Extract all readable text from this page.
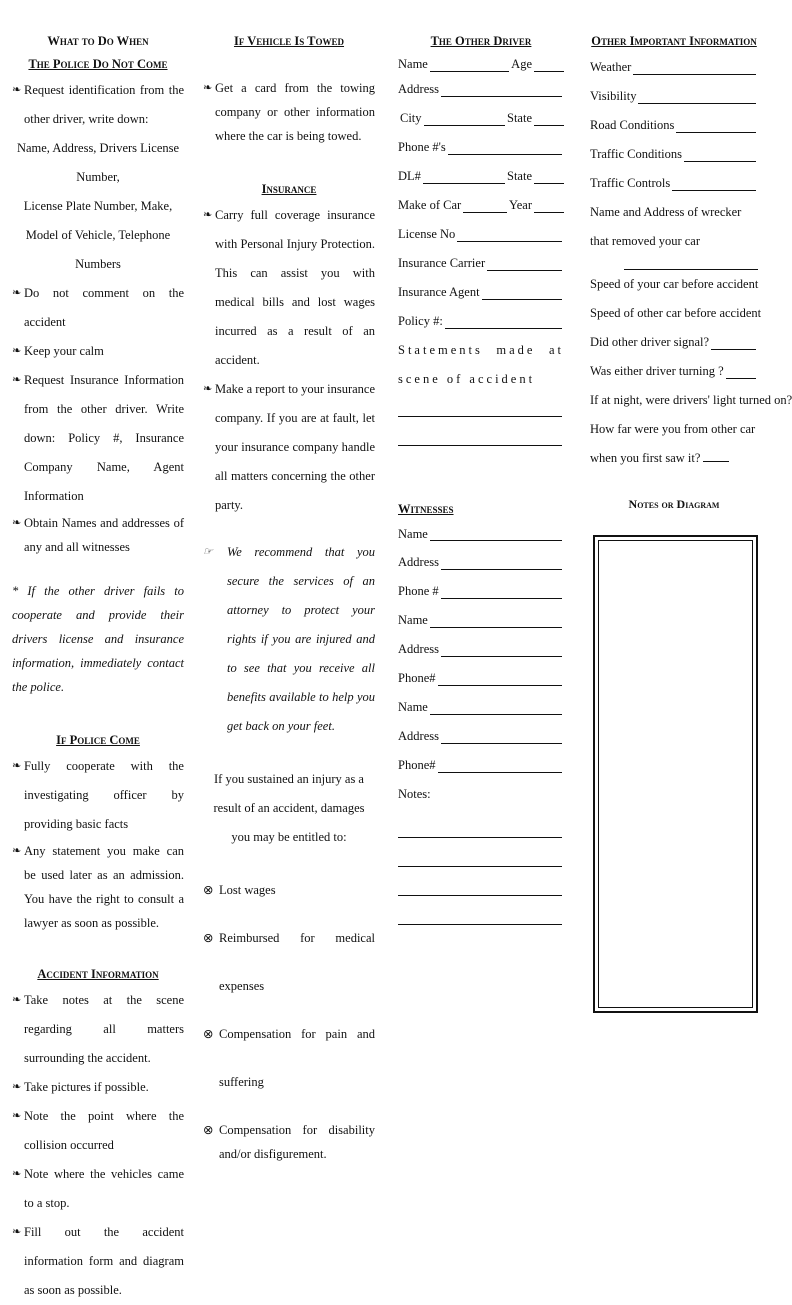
What to Do When
The Police Do Not Come
❧ Request identification from the other driver, write down:
Name, Address, Drivers License Number,
License Plate Number, Make,
Model of Vehicle, Telephone Numbers
❧ Do not comment on the accident
❧ Keep your calm
❧ Request Insurance Information from the other driver. Write down: Policy #, Insurance Company Name, Agent Information
❧ Obtain Names and addresses of any and all witnesses
* If the other driver fails to cooperate and provide their drivers license and insurance information, immediately contact the police.
If Police Come
❧ Fully cooperate with the investigating officer by providing basic facts
❧ Any statement you make can be used later as an admission. You have the right to consult a lawyer as soon as possible.
Accident Information
❧ Take notes at the scene regarding all matters surrounding the accident.
❧ Take pictures if possible.
❧ Note the point where the collision occurred
❧ Note where the vehicles came to a stop.
❧ Fill out the accident information form and diagram as soon as possible.
If Vehicle Is Towed
❧ Get a card from the towing company or other information where the car is being towed.
Insurance
❧ Carry full coverage insurance with Personal Injury Protection. This can assist you with medical bills and lost wages incurred as a result of an accident.
❧ Make a report to your insurance company. If you are at fault, let your insurance company handle all matters concerning the other party.
☞	We recommend that you secure the services of an attorney to protect your rights if you are injured and to see that you receive all benefits available to help you get back on your feet.
If you sustained an injury as a result of an accident, damages you may be entitled to:
⊗ Lost wages
⊗ Reimbursed for medical expenses
⊗ Compensation for pain and suffering
⊗ Compensation for disability and/or disfigurement.
The Other Driver
Name	Age
Address
City	State
Phone #'s
DL#	State
Make of Car	Year
License No
Insurance Carrier
Insurance Agent
Policy #:
Statements made at scene of accident
Witnesses
Name
Address
Phone #
Name
Address
Phone#
Name
Address
Phone#
Notes:
Other Important Information
Weather
Visibility
Road Conditions
Traffic Conditions
Traffic Controls
Name and Address of wrecker that removed your car
Speed of your car before accident
Speed of other car before accident
Did other driver signal?
Was either driver turning ?
If at night, were drivers' light turned on?
How far were you from other car when you first saw it?
Notes or Diagram
